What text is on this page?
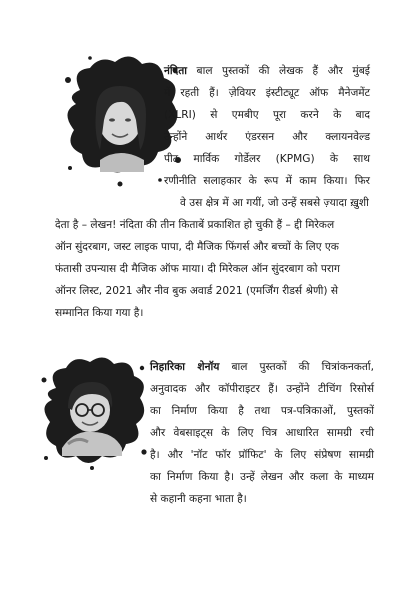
नंदिता बाल पुस्तकों की लेखक हैं और मुंबई
में रहती हैं। ज़ेवियर इंस्टीट्यूट ऑफ मैनेजमेंट
(XLRI) से एमबीए पूरा करने के बाद
उन्होंने आर्थर एंडरसन और क्लायनवेल्ड
पीट मार्विक गोर्डेलर (KPMG) के साथ
रणीनीति सलाहकार के रूप में काम किया। फिर

वे उस क्षेत्र में आ गयीं, जो उन्हें सबसे ज़्यादा ख़ुशी
देता है – लेखन! नंदिता की तीन किताबें प्रकाशित हो चुकी हैं – द्दी मिरेकल
ऑन सुंदरबाग, जस्ट लाइक पापा, दी मैजिक फिंगर्स और बच्चों के लिए एक
फंतासी उपन्यास दी मैजिक ऑफ माया। दी मिरेकल ऑन सुंदरबाग को पराग
ऑनर लिस्ट, 2021 और नीव बुक अवार्ड 2021 (एमर्जिंग रीडर्स श्रेणी) से
सम्मानित किया गया है।

निहारिका शेनॉय बाल पुस्तकों की चित्रांकनकर्ता,
अनुवादक और कॉपीराइटर हैं। उन्होंने टीचिंग रिसोर्स
का निर्माण किया है तथा पत्र-पत्रिकाओं, पुस्तकों
और वेबसाइट्स के लिए चित्र आधारित सामग्री रची
है। और 'नॉट फॉर प्रॉफिट' के लिए संप्रेषण सामग्री
का निर्माण किया है। उन्हें लेखन और कला के माध्यम
से कहानी कहना भाता है।
